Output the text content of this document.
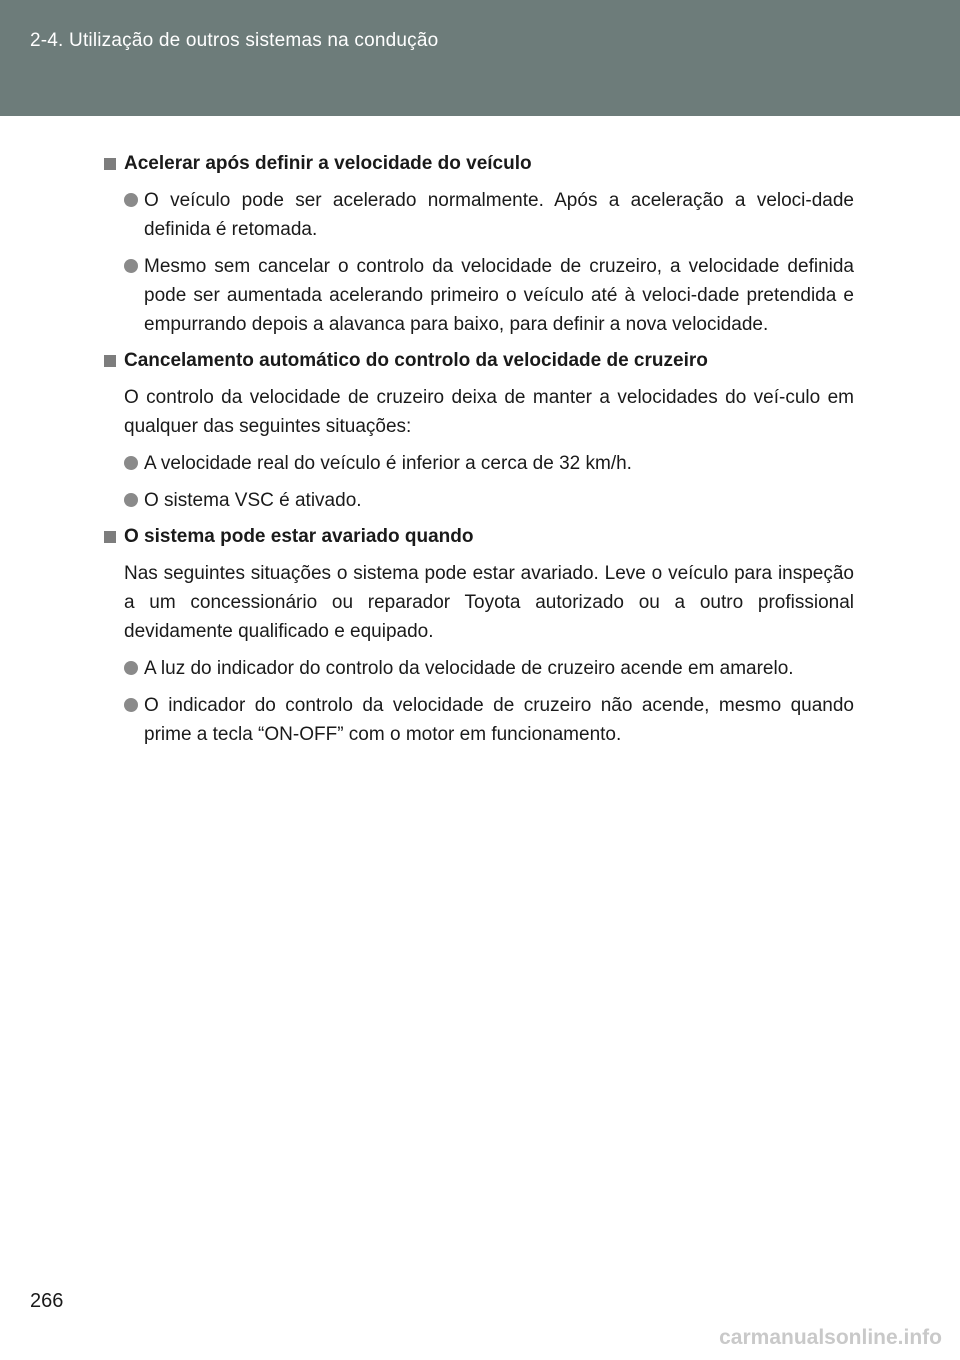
2-4. Utilização de outros sistemas na condução
Acelerar após definir a velocidade do veículo
O veículo pode ser acelerado normalmente. Após a aceleração a veloci-dade definida é retomada.
Mesmo sem cancelar o controlo da velocidade de cruzeiro, a velocidade definida pode ser aumentada acelerando primeiro o veículo até à veloci-dade pretendida e empurrando depois a alavanca para baixo, para definir a nova velocidade.
Cancelamento automático do controlo da velocidade de cruzeiro
O controlo da velocidade de cruzeiro deixa de manter a velocidades do veí-culo em qualquer das seguintes situações:
A velocidade real do veículo é inferior a cerca de 32 km/h.
O sistema VSC é ativado.
O sistema pode estar avariado quando
Nas seguintes situações o sistema pode estar avariado. Leve o veículo para inspeção a um concessionário ou reparador Toyota autorizado ou a outro profissional devidamente qualificado e equipado.
A luz do indicador do controlo da velocidade de cruzeiro acende em amarelo.
O indicador do controlo da velocidade de cruzeiro não acende, mesmo quando prime a tecla “ON-OFF” com o motor em funcionamento.
266
carmanualsonline.info
